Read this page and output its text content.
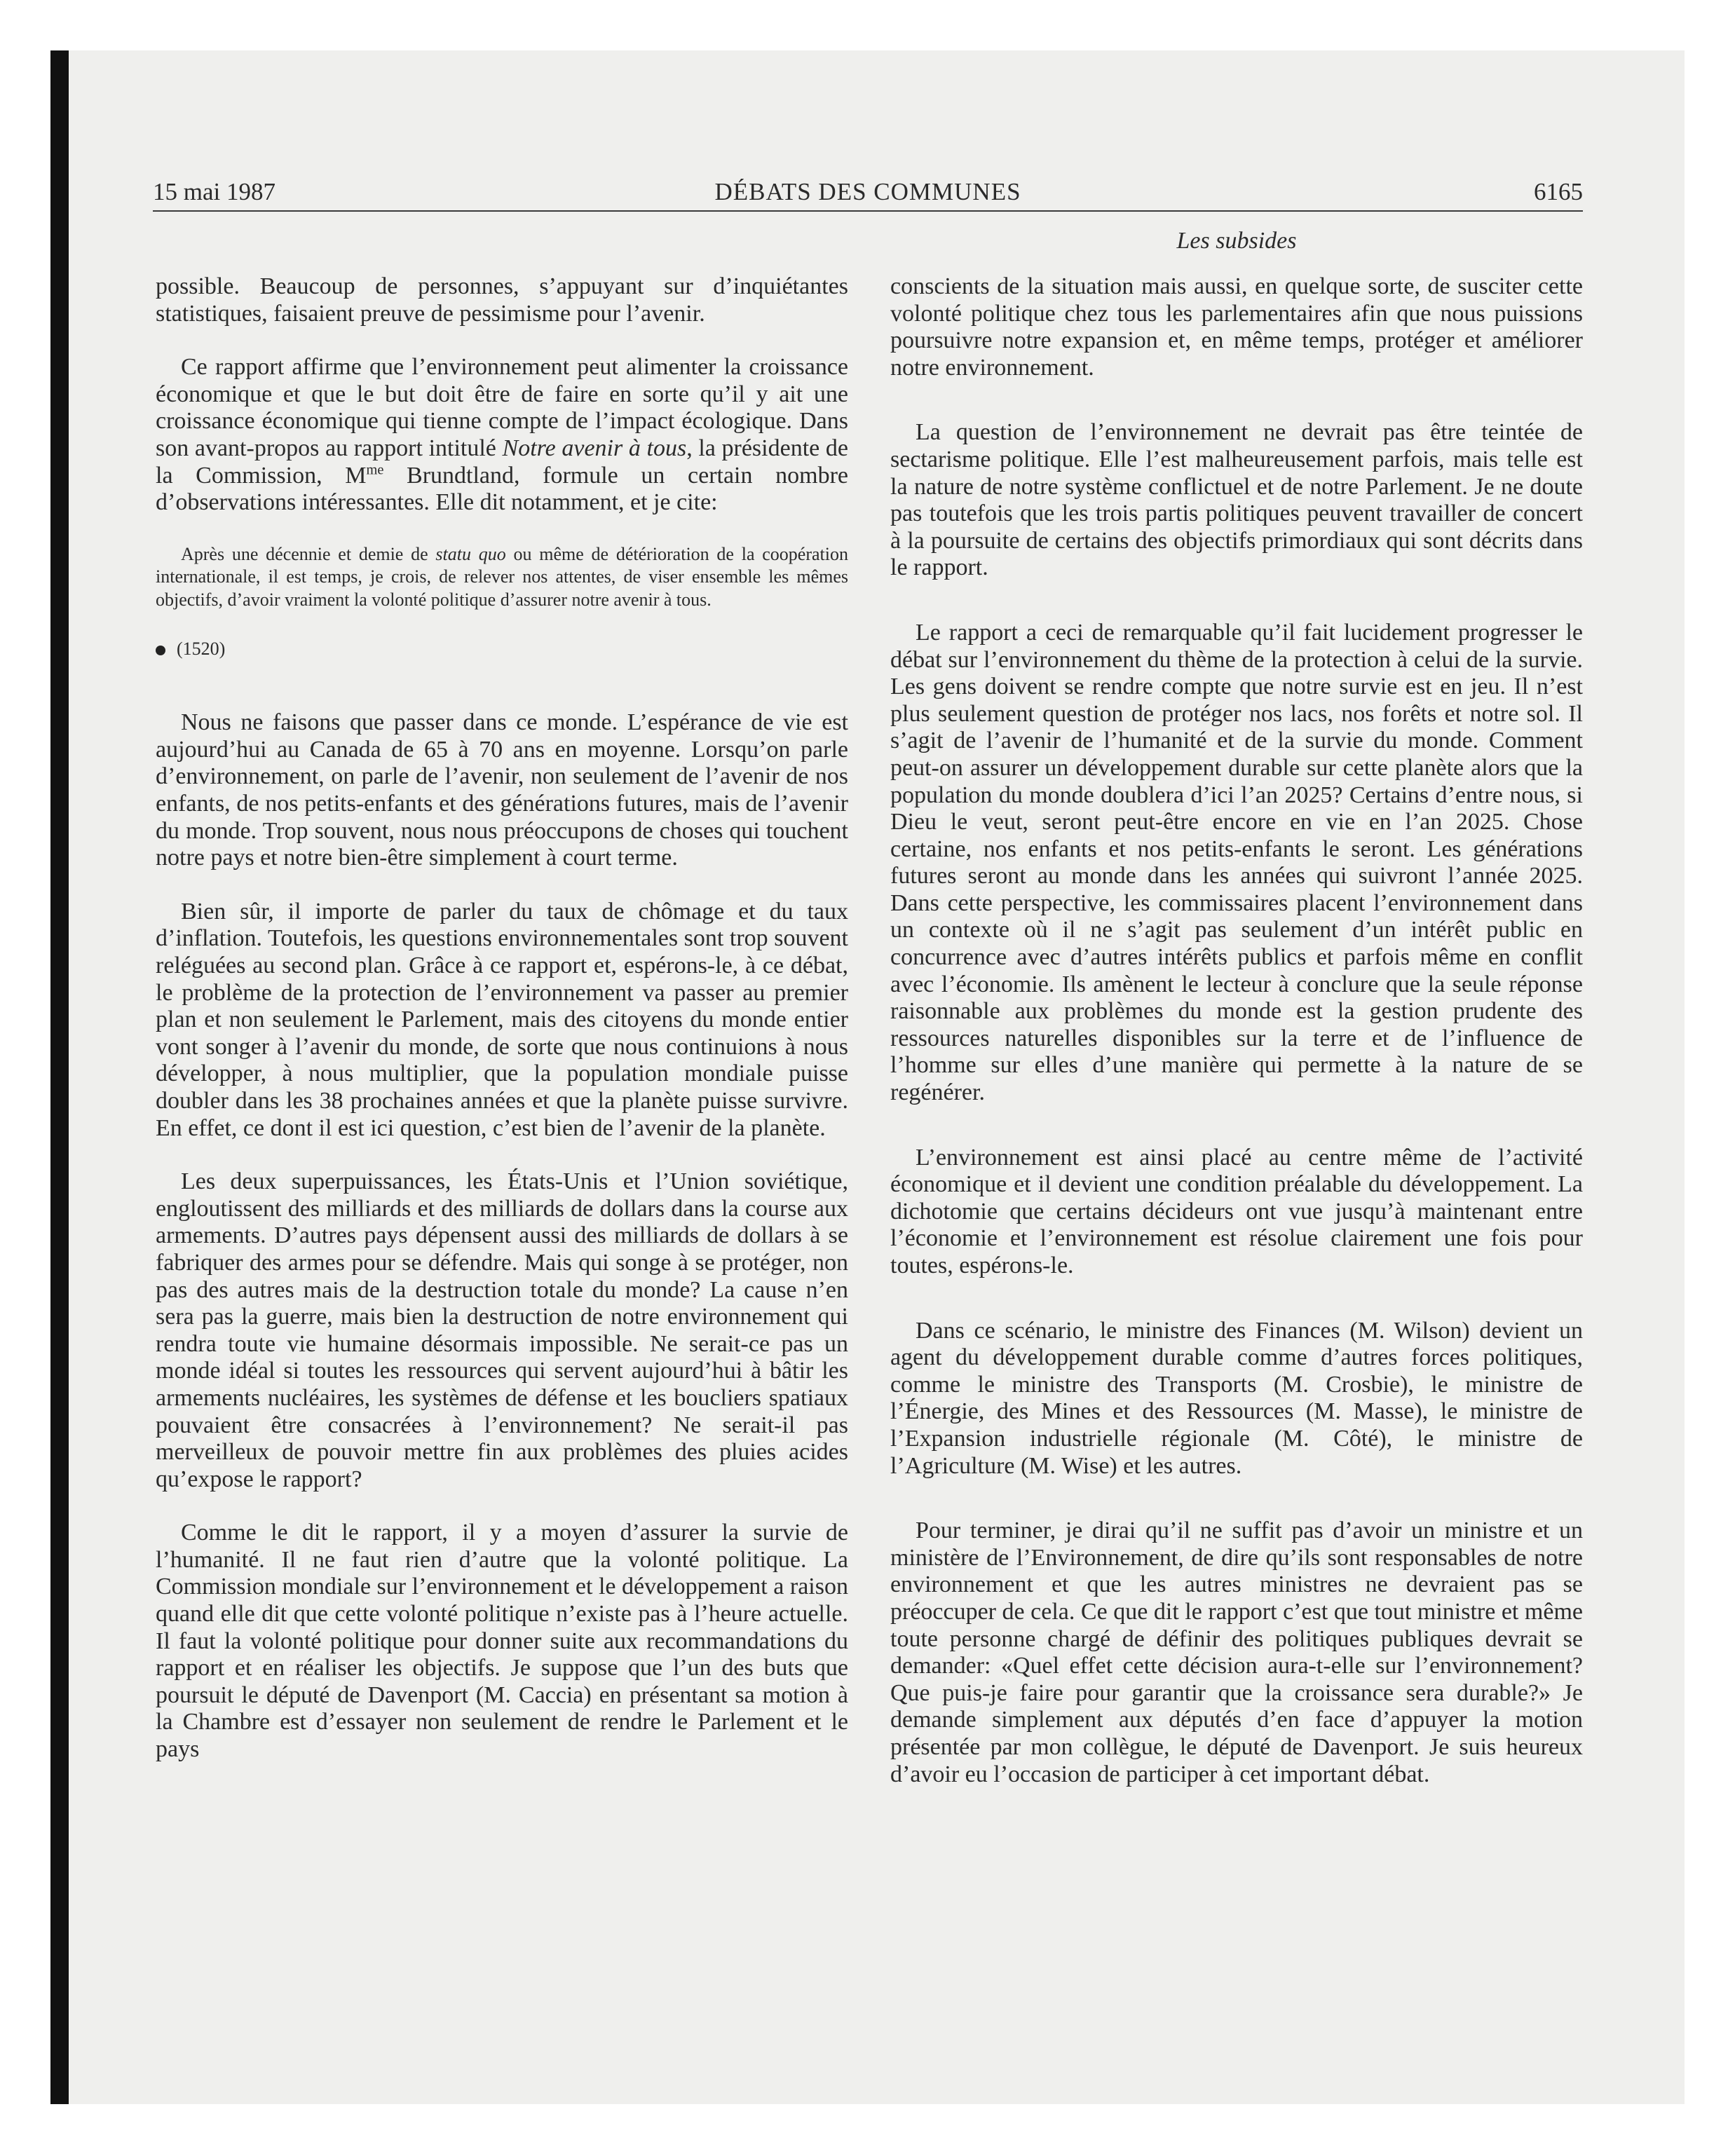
15 mai 1987	DÉBATS DES COMMUNES	6165
Les subsides

possible. Beaucoup de personnes, s’appuyant sur d’inquiétantes statistiques, faisaient preuve de pessimisme pour l’avenir.

Ce rapport affirme que l’environnement peut alimenter la croissance économique et que le but doit être de faire en sorte qu’il y ait une croissance économique qui tienne compte de l’impact écologique. Dans son avant-propos au rapport intitulé Notre avenir à tous, la présidente de la Commission, $M^{me}$ Brundtland, formule un certain nombre d’observations intéressantes. Elle dit notamment, et je cite:

Après une décennie et demie de statu quo ou même de détérioration de la coopération internationale, il est temps, je crois, de relever nos attentes, de viser ensemble les mêmes objectifs, d’avoir vraiment la volonté politique d’assurer notre avenir à tous.

(1520)

Nous ne faisons que passer dans ce monde. L’espérance de vie est aujourd’hui au Canada de 65 à 70 ans en moyenne. Lorsqu’on parle d’environnement, on parle de l’avenir, non seulement de l’avenir de nos enfants, de nos petits-enfants et des générations futures, mais de l’avenir du monde. Trop souvent, nous nous préoccupons de choses qui touchent notre pays et notre bien-être simplement à court terme.

Bien sûr, il importe de parler du taux de chômage et du taux d’inflation. Toutefois, les questions environnementales sont trop souvent reléguées au second plan. Grâce à ce rapport et, espérons-le, à ce débat, le problème de la protection de l’environnement va passer au premier plan et non seulement le Parlement, mais des citoyens du monde entier vont songer à l’avenir du monde, de sorte que nous continuions à nous développer, à nous multiplier, que la population mondiale puisse doubler dans les 38 prochaines années et que la planète puisse survivre. En effet, ce dont il est ici question, c’est bien de l’avenir de la planète.

Les deux superpuissances, les États-Unis et l’Union soviétique, engloutissent des milliards et des milliards de dollars dans la course aux armements. D’autres pays dépensent aussi des milliards de dollars à se fabriquer des armes pour se défendre. Mais qui songe à se protéger, non pas des autres mais de la destruction totale du monde? La cause n’en sera pas la guerre, mais bien la destruction de notre environnement qui rendra toute vie humaine désormais impossible. Ne serait-ce pas un monde idéal si toutes les ressources qui servent aujourd’hui à bâtir les armements nucléaires, les systèmes de défense et les boucliers spatiaux pouvaient être consacrées à l’environnement? Ne serait-il pas merveilleux de pouvoir mettre fin aux problèmes des pluies acides qu’expose le rapport?

Comme le dit le rapport, il y a moyen d’assurer la survie de l’humanité. Il ne faut rien d’autre que la volonté politique. La Commission mondiale sur l’environnement et le développement a raison quand elle dit que cette volonté politique n’existe pas à l’heure actuelle. Il faut la volonté politique pour donner suite aux recommandations du rapport et en réaliser les objectifs. Je suppose que l’un des buts que poursuit le député de Davenport (M. Caccia) en présentant sa motion à la Chambre est d’essayer non seulement de rendre le Parlement et le pays

conscients de la situation mais aussi, en quelque sorte, de susciter cette volonté politique chez tous les parlementaires afin que nous puissions poursuivre notre expansion et, en même temps, protéger et améliorer notre environnement.

La question de l’environnement ne devrait pas être teintée de sectarisme politique. Elle l’est malheureusement parfois, mais telle est la nature de notre système conflictuel et de notre Parlement. Je ne doute pas toutefois que les trois partis politiques peuvent travailler de concert à la poursuite de certains des objectifs primordiaux qui sont décrits dans le rapport.

Le rapport a ceci de remarquable qu’il fait lucidement progresser le débat sur l’environnement du thème de la protection à celui de la survie. Les gens doivent se rendre compte que notre survie est en jeu. Il n’est plus seulement question de protéger nos lacs, nos forêts et notre sol. Il s’agit de l’avenir de l’humanité et de la survie du monde. Comment peut-on assurer un développement durable sur cette planète alors que la population du monde doublera d’ici l’an 2025? Certains d’entre nous, si Dieu le veut, seront peut-être encore en vie en l’an 2025. Chose certaine, nos enfants et nos petits-enfants le seront. Les générations futures seront au monde dans les années qui suivront l’année 2025. Dans cette perspective, les commissaires placent l’environnement dans un contexte où il ne s’agit pas seulement d’un intérêt public en concurrence avec d’autres intérêts publics et parfois même en conflit avec l’économie. Ils amènent le lecteur à conclure que la seule réponse raisonnable aux problèmes du monde est la gestion prudente des ressources naturelles disponibles sur la terre et de l’influence de l’homme sur elles d’une manière qui permette à la nature de se regénérer.

L’environnement est ainsi placé au centre même de l’activité économique et il devient une condition préalable du développement. La dichotomie que certains décideurs ont vue jusqu’à maintenant entre l’économie et l’environnement est résolue clairement une fois pour toutes, espérons-le.

Dans ce scénario, le ministre des Finances (M. Wilson) devient un agent du développement durable comme d’autres forces politiques, comme le ministre des Transports (M. Crosbie), le ministre de l’Énergie, des Mines et des Ressources (M. Masse), le ministre de l’Expansion industrielle régionale (M. Côté), le ministre de l’Agriculture (M. Wise) et les autres.

Pour terminer, je dirai qu’il ne suffit pas d’avoir un ministre et un ministère de l’Environnement, de dire qu’ils sont responsables de notre environnement et que les autres ministres ne devraient pas se préoccuper de cela. Ce que dit le rapport c’est que tout ministre et même toute personne chargé de définir des politiques publiques devrait se demander: «Quel effet cette décision aura-t-elle sur l’environnement? Que puis-je faire pour garantir que la croissance sera durable?» Je demande simplement aux députés d’en face d’appuyer la motion présentée par mon collègue, le député de Davenport. Je suis heureux d’avoir eu l’occasion de participer à cet important débat.
